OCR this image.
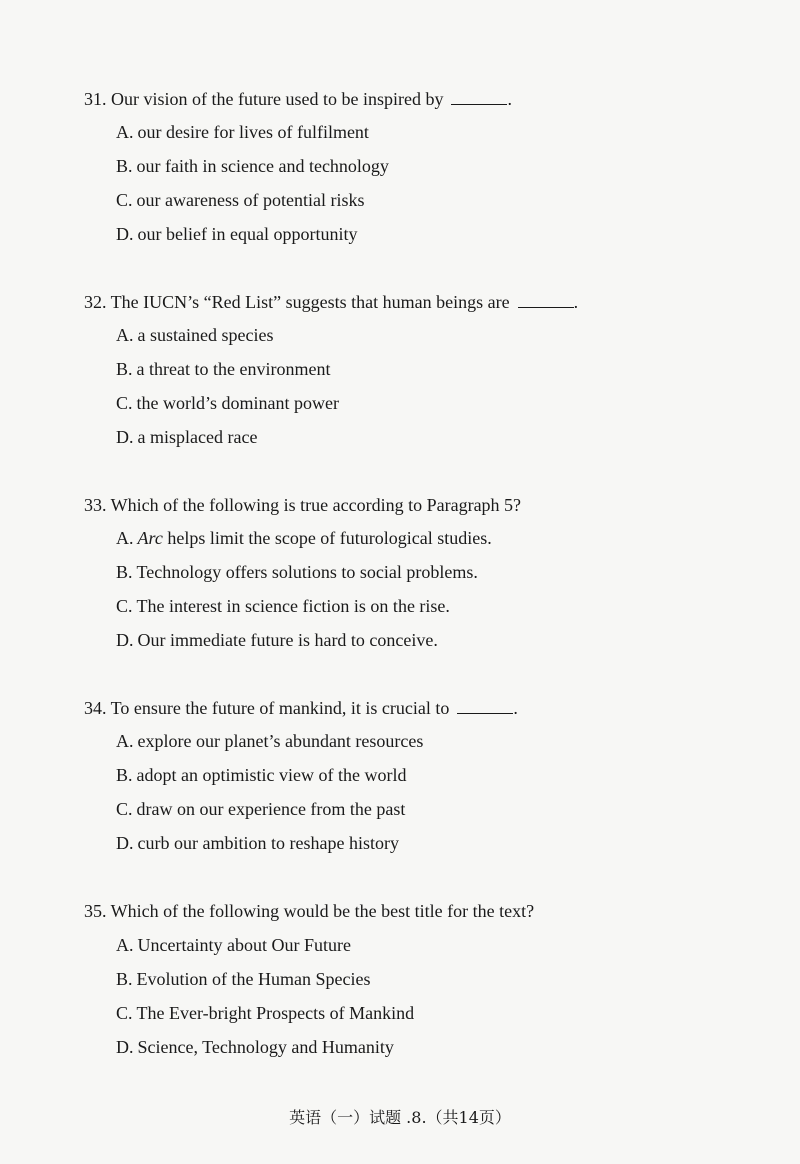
31. Our vision of the future used to be inspired by	.
A. our desire for lives of fulfilment
B. our faith in science and technology
C. our awareness of potential risks
D. our belief in equal opportunity
32. The IUCN’s “Red List” suggests that human beings are	.
A. a sustained species
B. a threat to the environment
C. the world’s dominant power
D. a misplaced race
33. Which of the following is true according to Paragraph 5?
A. Arc helps limit the scope of futurological studies.
B. Technology offers solutions to social problems.
C. The interest in science fiction is on the rise.
D. Our immediate future is hard to conceive.
34. To ensure the future of mankind, it is crucial to	.
A. explore our planet’s abundant resources
B. adopt an optimistic view of the world
C. draw on our experience from the past
D. curb our ambition to reshape history
35. Which of the following would be the best title for the text?
A. Uncertainty about Our Future
B. Evolution of the Human Species
C. The Ever-bright Prospects of Mankind
D. Science, Technology and Humanity
英语（一）试题 .8.（共14页）
